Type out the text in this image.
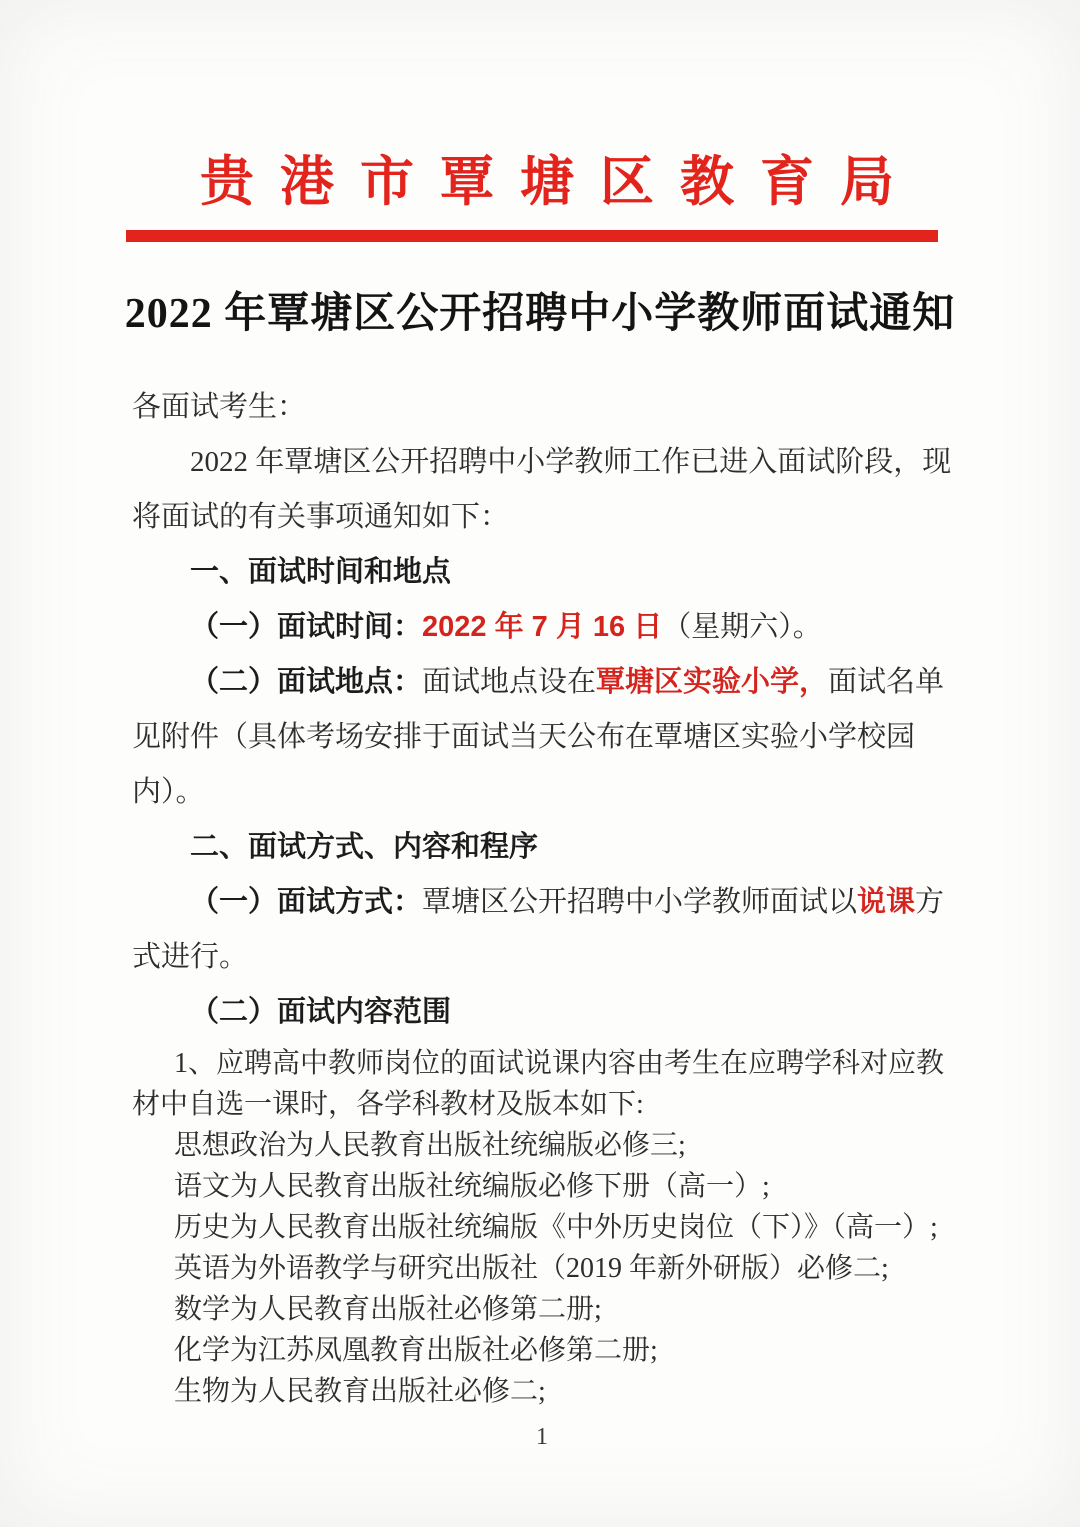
贵港市覃塘区教育局
2022 年覃塘区公开招聘中小学教师面试通知

各面试考生：

2022 年覃塘区公开招聘中小学教师工作已进入面试阶段，现将面试的有关事项通知如下：

一、面试时间和地点

（一）面试时间：2022 年 7 月 16 日（星期六）。

（二）面试地点：面试地点设在覃塘区实验小学，面试名单见附件（具体考场安排于面试当天公布在覃塘区实验小学校园内）。

二、面试方式、内容和程序

（一）面试方式：覃塘区公开招聘中小学教师面试以说课方式进行。

（二）面试内容范围

1、应聘高中教师岗位的面试说课内容由考生在应聘学科对应教材中自选一课时，各学科教材及版本如下:

思想政治为人民教育出版社统编版必修三;

语文为人民教育出版社统编版必修下册（高一）;

历史为人民教育出版社统编版《中外历史岗位（下）》（高一）;

英语为外语教学与研究出版社（2019 年新外研版）必修二;

数学为人民教育出版社必修第二册;

化学为江苏凤凰教育出版社必修第二册;

生物为人民教育出版社必修二;

1
